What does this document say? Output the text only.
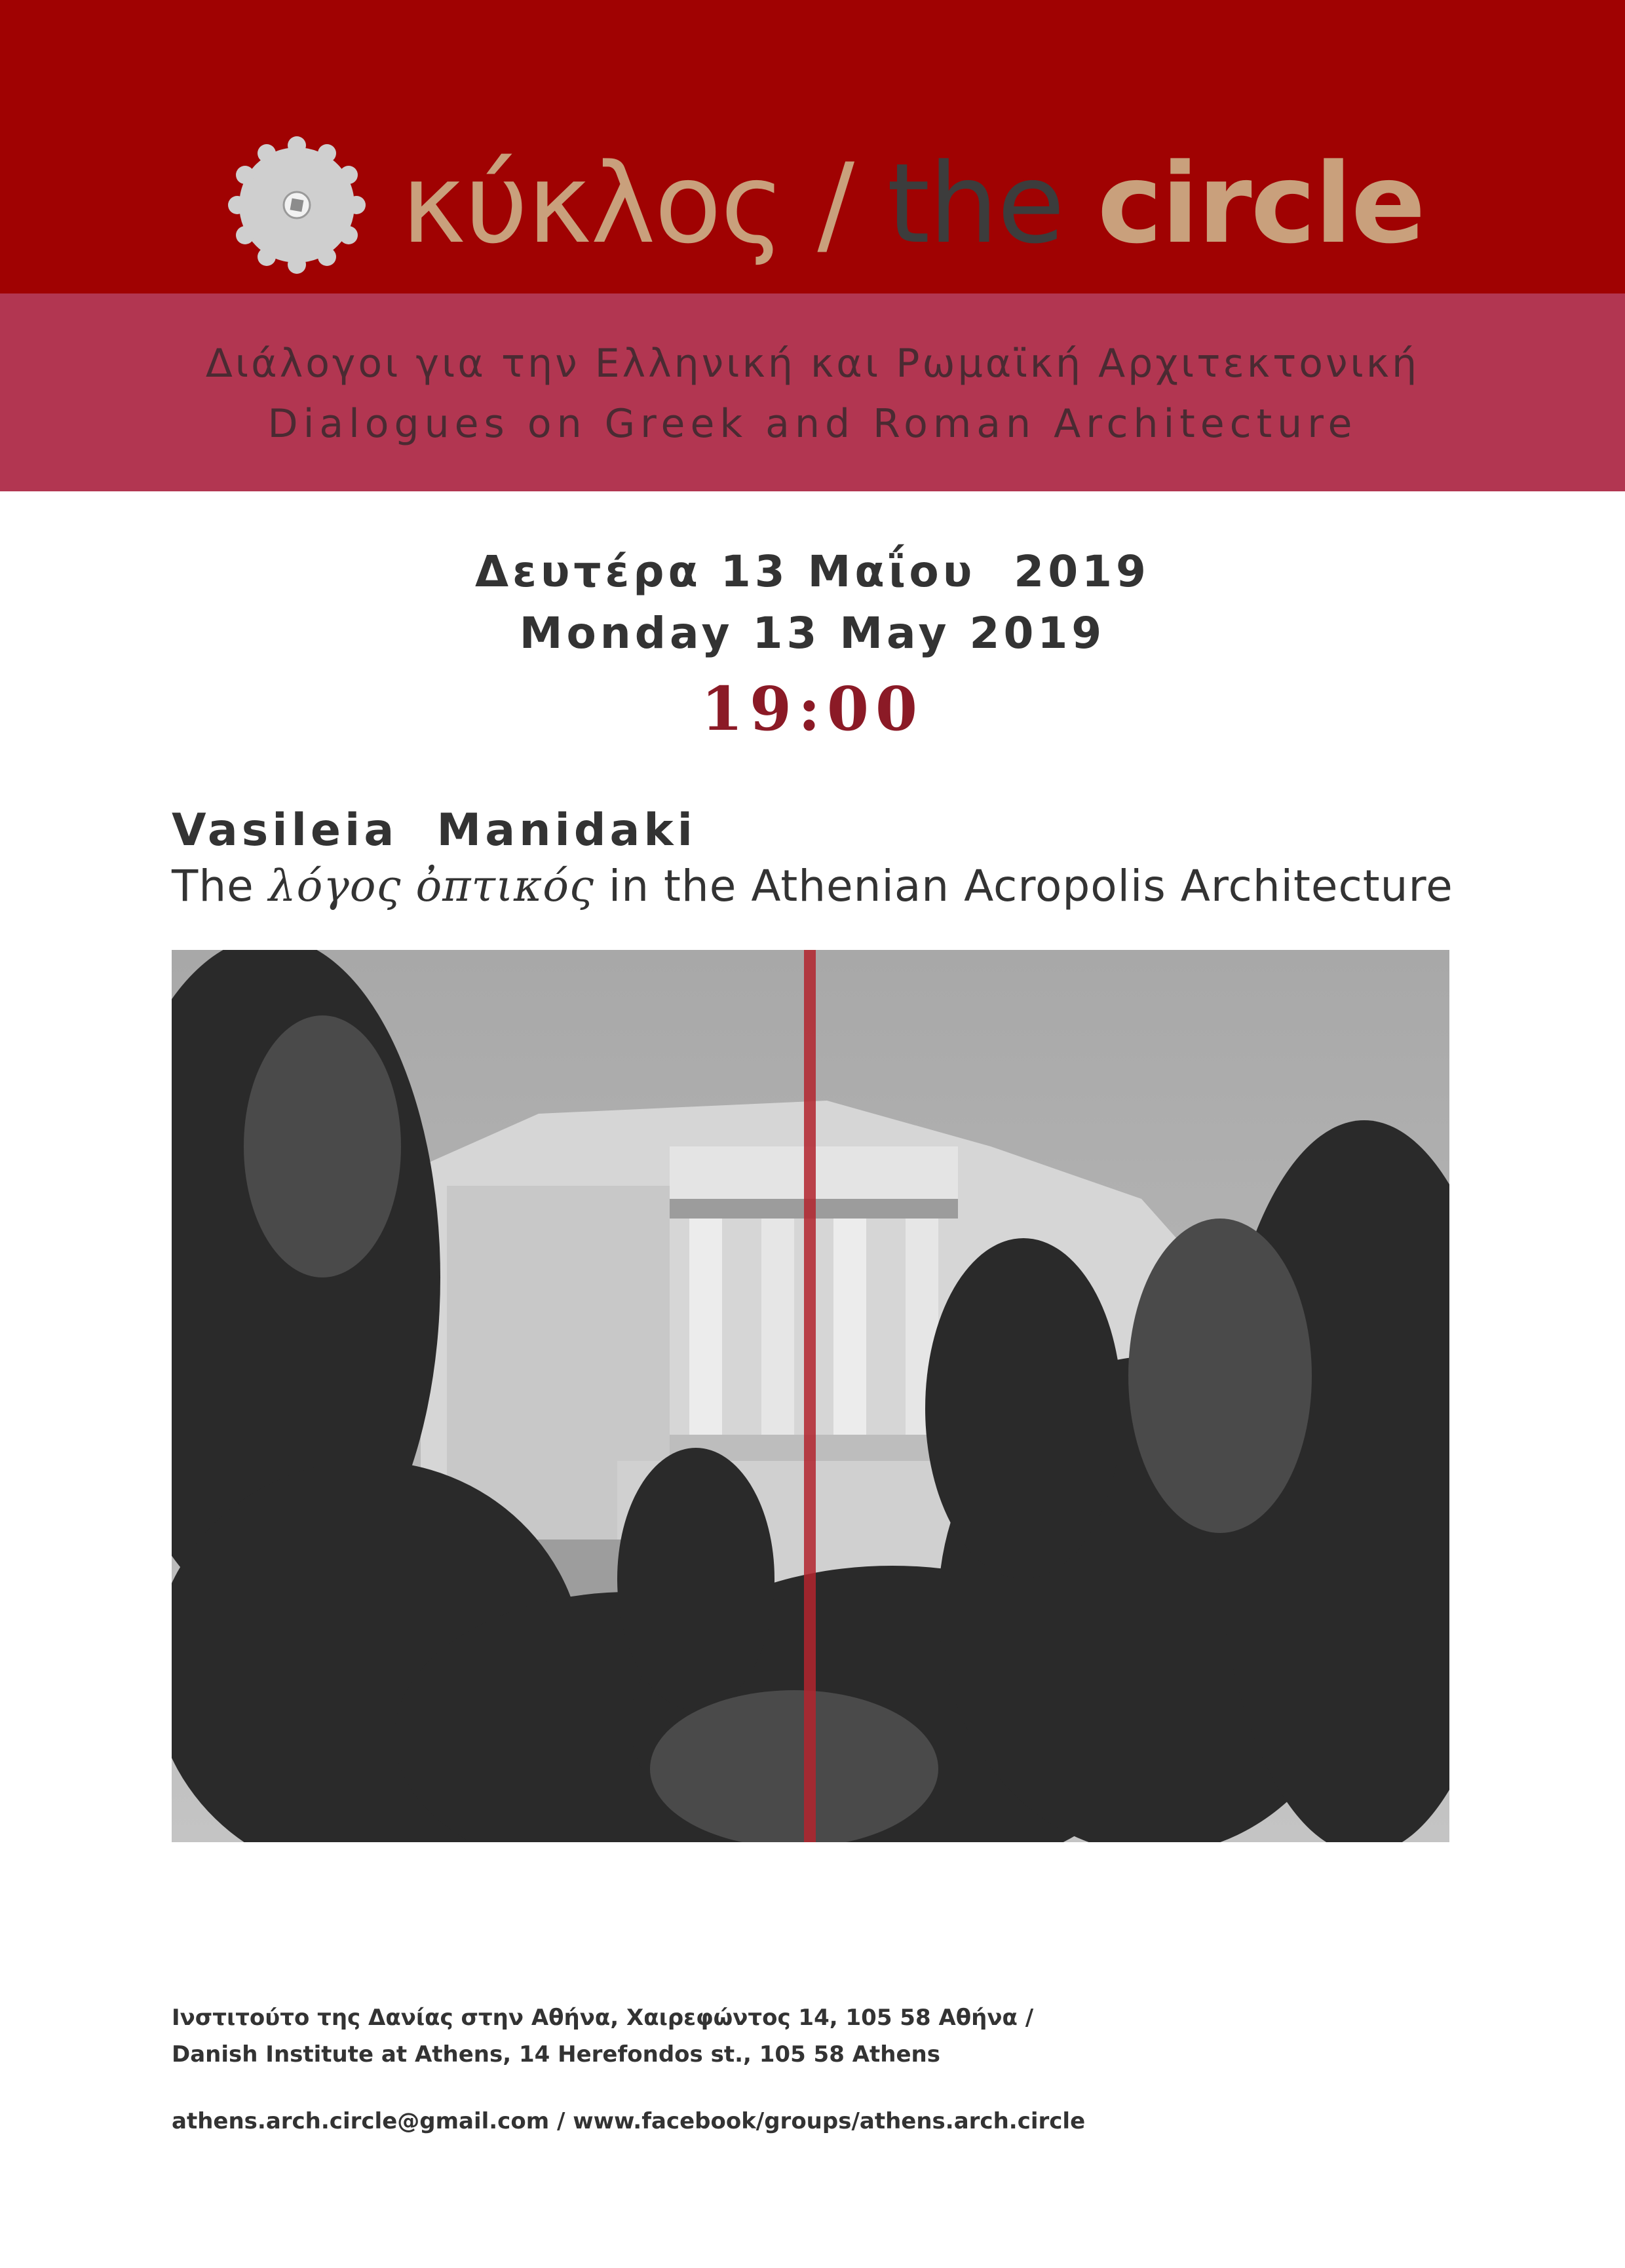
κύκλος / the circle
Διάλογοι για την Ελληνική και Ρωμαϊκή Αρχιτεκτονική
Dialogues on Greek and Roman Architecture
Δευτέρα 13 Μαΐου  2019
Monday 13 May 2019
19:00
Vasileia  Manidaki
The λόγος ὀπτικός in the Athenian Acropolis Architecture
Ινστιτούτο της Δανίας στην Αθήνα, Χαιρεφώντος 14, 105 58 Αθήνα /
Danish Institute at Athens, 14 Herefondos st., 105 58 Athens
athens.arch.circle@gmail.com / www.facebook/groups/athens.arch.circle
